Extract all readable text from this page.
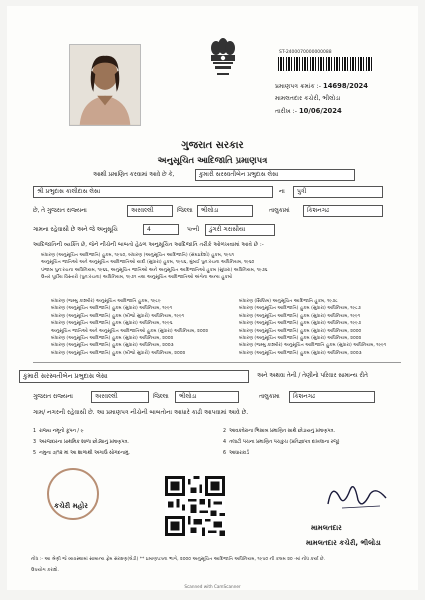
ST-2400070000000088
પ્રમાણપત્ર ક્રમાંક :- 14698/2024
મામલતદાર કચેરી, ભીલોડા
તારીખ :- 10/06/2024
ગુજરાત સરકાર
અનુસૂચિત આદિજાતિ પ્રમાણપત્ર
આથી પ્રમાણિત કરવામાં આવે છે કે,	કુમારી સરસ્વતીબેન પ્રભુદાસ લેસા
શ્રી પ્રભુદાસ કાલીદાસ લેસા	ના	પુત્રી
છે, તે ગુજરાત રાજ્યના	અરવલ્લી	જિલ્લા	ભીલોડા	તાલુકામાં	કિશનગઢ
ગામના રહેવાસી છે અને જે અનુસૂચિ	4	પત્ની	ડુંગરી ગરાસીયા
આદિજાતિની વ્યક્તિ છે, જેને નીચેની બાબતો હેઠળ અનુસૂચિત આદિજાતિ તરીકે ઓળખવામાં આવે છે :-
બંધારણ (અનુસૂચિત આદિજાતિ) હુકમ, ૧૯૫૦, બંધારણ (અનુસૂચિત આદિજાતિ) (સંઘપ્રદેશો) હુકમ, ૧૯૫૧
અનુસૂચિત જાતિઓ અને અનુસૂચિત આદિજાતિઓ યાદી (સુધારા) હુકમ, ૧૯૫૬, મુંબઈ પુનઃરચના અધિનિયમ, ૧૯૬૦
પંજાબ પુનઃરચના અધિનિયમ, ૧૯૬૬, અનુસૂચિત જાતિઓ અને અનુસૂચિત આદિજાતિઓ હુકમ (સુધારા) અધિનિયમ, ૧૯૭૬
ઉત્તર પૂર્વીય વિસ્તારો (પુનઃરચના) અધિનિયમ, ૧૯૭૧ તથા અનુસૂચિત આદિજાતિઓ અંગેના અન્ય હુકમો
બંધારણ (જમ્મુ કાશ્મીર) અનુસૂચિત આદિજાતિ હુકમ, ૧૯૮૯
બંધારણ (અનુસૂચિત આદિજાતિ) હુકમ (સુધારા) અધિનિયમ, ૧૯૯૧
બંધારણ (અનુસૂચિત આદિજાતિ) હુકમ (બીજો સુધારો) અધિનિયમ, ૧૯૯૧
બંધારણ (અનુસૂચિત આદિજાતિ) હુકમ (સુધારા) અધિનિયમ, ૧૯૯૬
અનુસૂચિત જાતિઓ અને અનુસૂચિત આદિજાતિઓ હુકમ (સુધારા) અધિનિયમ, ૨૦૦૨
બંધારણ (અનુસૂચિત આદિજાતિ) હુકમ (સુધારા) અધિનિયમ, ૨૦૦૨
બંધારણ (અનુસૂચિત આદિજાતિ) હુકમ (સુધારા) અધિનિયમ, ૨૦૦૩
બંધારણ (અનુસૂચિત આદિજાતિ) હુકમ (બીજો સુધારો) અધિનિયમ, ૨૦૦૨
બંધારણ (સિક્કિમ) અનુસૂચિત આદિજાતિ હુકમ, ૧૯૭૮
બંધારણ (અનુસૂચિત આદિજાતિ) હુકમ (સુધારા) અધિનિયમ, ૧૯૮૭
બંધારણ (અનુસૂચિત આદિજાતિ) હુકમ (સુધારા) અધિનિયમ, ૧૯૯૧
બંધારણ (અનુસૂચિત આદિજાતિ) હુકમ (સુધારા) અધિનિયમ, ૧૯૯૭
બંધારણ (અનુસૂચિત આદિજાતિ) હુકમ (સુધારા) અધિનિયમ, ૨૦૦૦
બંધારણ (અનુસૂચિત આદિજાતિ) હુકમ (સુધારા) અધિનિયમ, ૨૦૦૨
બંધારણ (જમ્મુ કાશ્મીર) અનુસૂચિત આદિજાતિ હુકમ (સુધારા) અધિનિયમ, ૧૯૯૧
બંધારણ (અનુસૂચિત આદિજાતિ) હુકમ (સુધારા) અધિનિયમ, ૨૦૦૩
કુમારી સરસ્વતીબેન પ્રભુદાસ લેસા	અને અથવા તેની / તેણીનો પરિવાર સામાન્ય રીતે
ગુજરાત રાજ્યના	અરવલ્લી	જિલ્લા	ભીલોડા	તાલુકામા	કિશનગઢ
ગામ/ નગરની રહેવાસી છે. આ પ્રમાણપત્ર નીચેની બાબતોના આધારે કાઢી આપવામાં આવે છે.
1 રાજ્ય નમૂનો કૂપન / ૯	2 આવકવેરાના ભિસાબ પ્રમાણિત સાથે છોડાયનું પ્રમાણપત્ર.
3 અરજદારના પ્રાથમિક શાળા છોડ્યાનું પ્રમાણપત્ર.	4 તલાટી પંચના પ્રમાણિત પંચકુચ (પ્રતિજ્ઞાપત્ર દાખલાના રજૂ)
5 નમુના ૭/૧૨ માં આ શાળાથી અગાઉ સોગંદનામું.	6 આધારકાર્ડ
કચેરી મહોર
મામલતદાર
મામલતદાર કચેરી, ભીલોડા
નોંધ :- આ શ્રેણી જે વ્યવસ્થામાં સામાન્ય ફ્રેમ સંરક્ષણ(લેડી) ** પ્રમાણપત્રના ભાગે, ૨૦૦૦ અનુસૂચિત આદિજાતિ અધિનિયમ, ૧૯૫૦ ની કલમ ૨૦ -માં નોંધ કર્યા છે.
ઉપયોગ કરાશે.
Scanned with CamScanner
